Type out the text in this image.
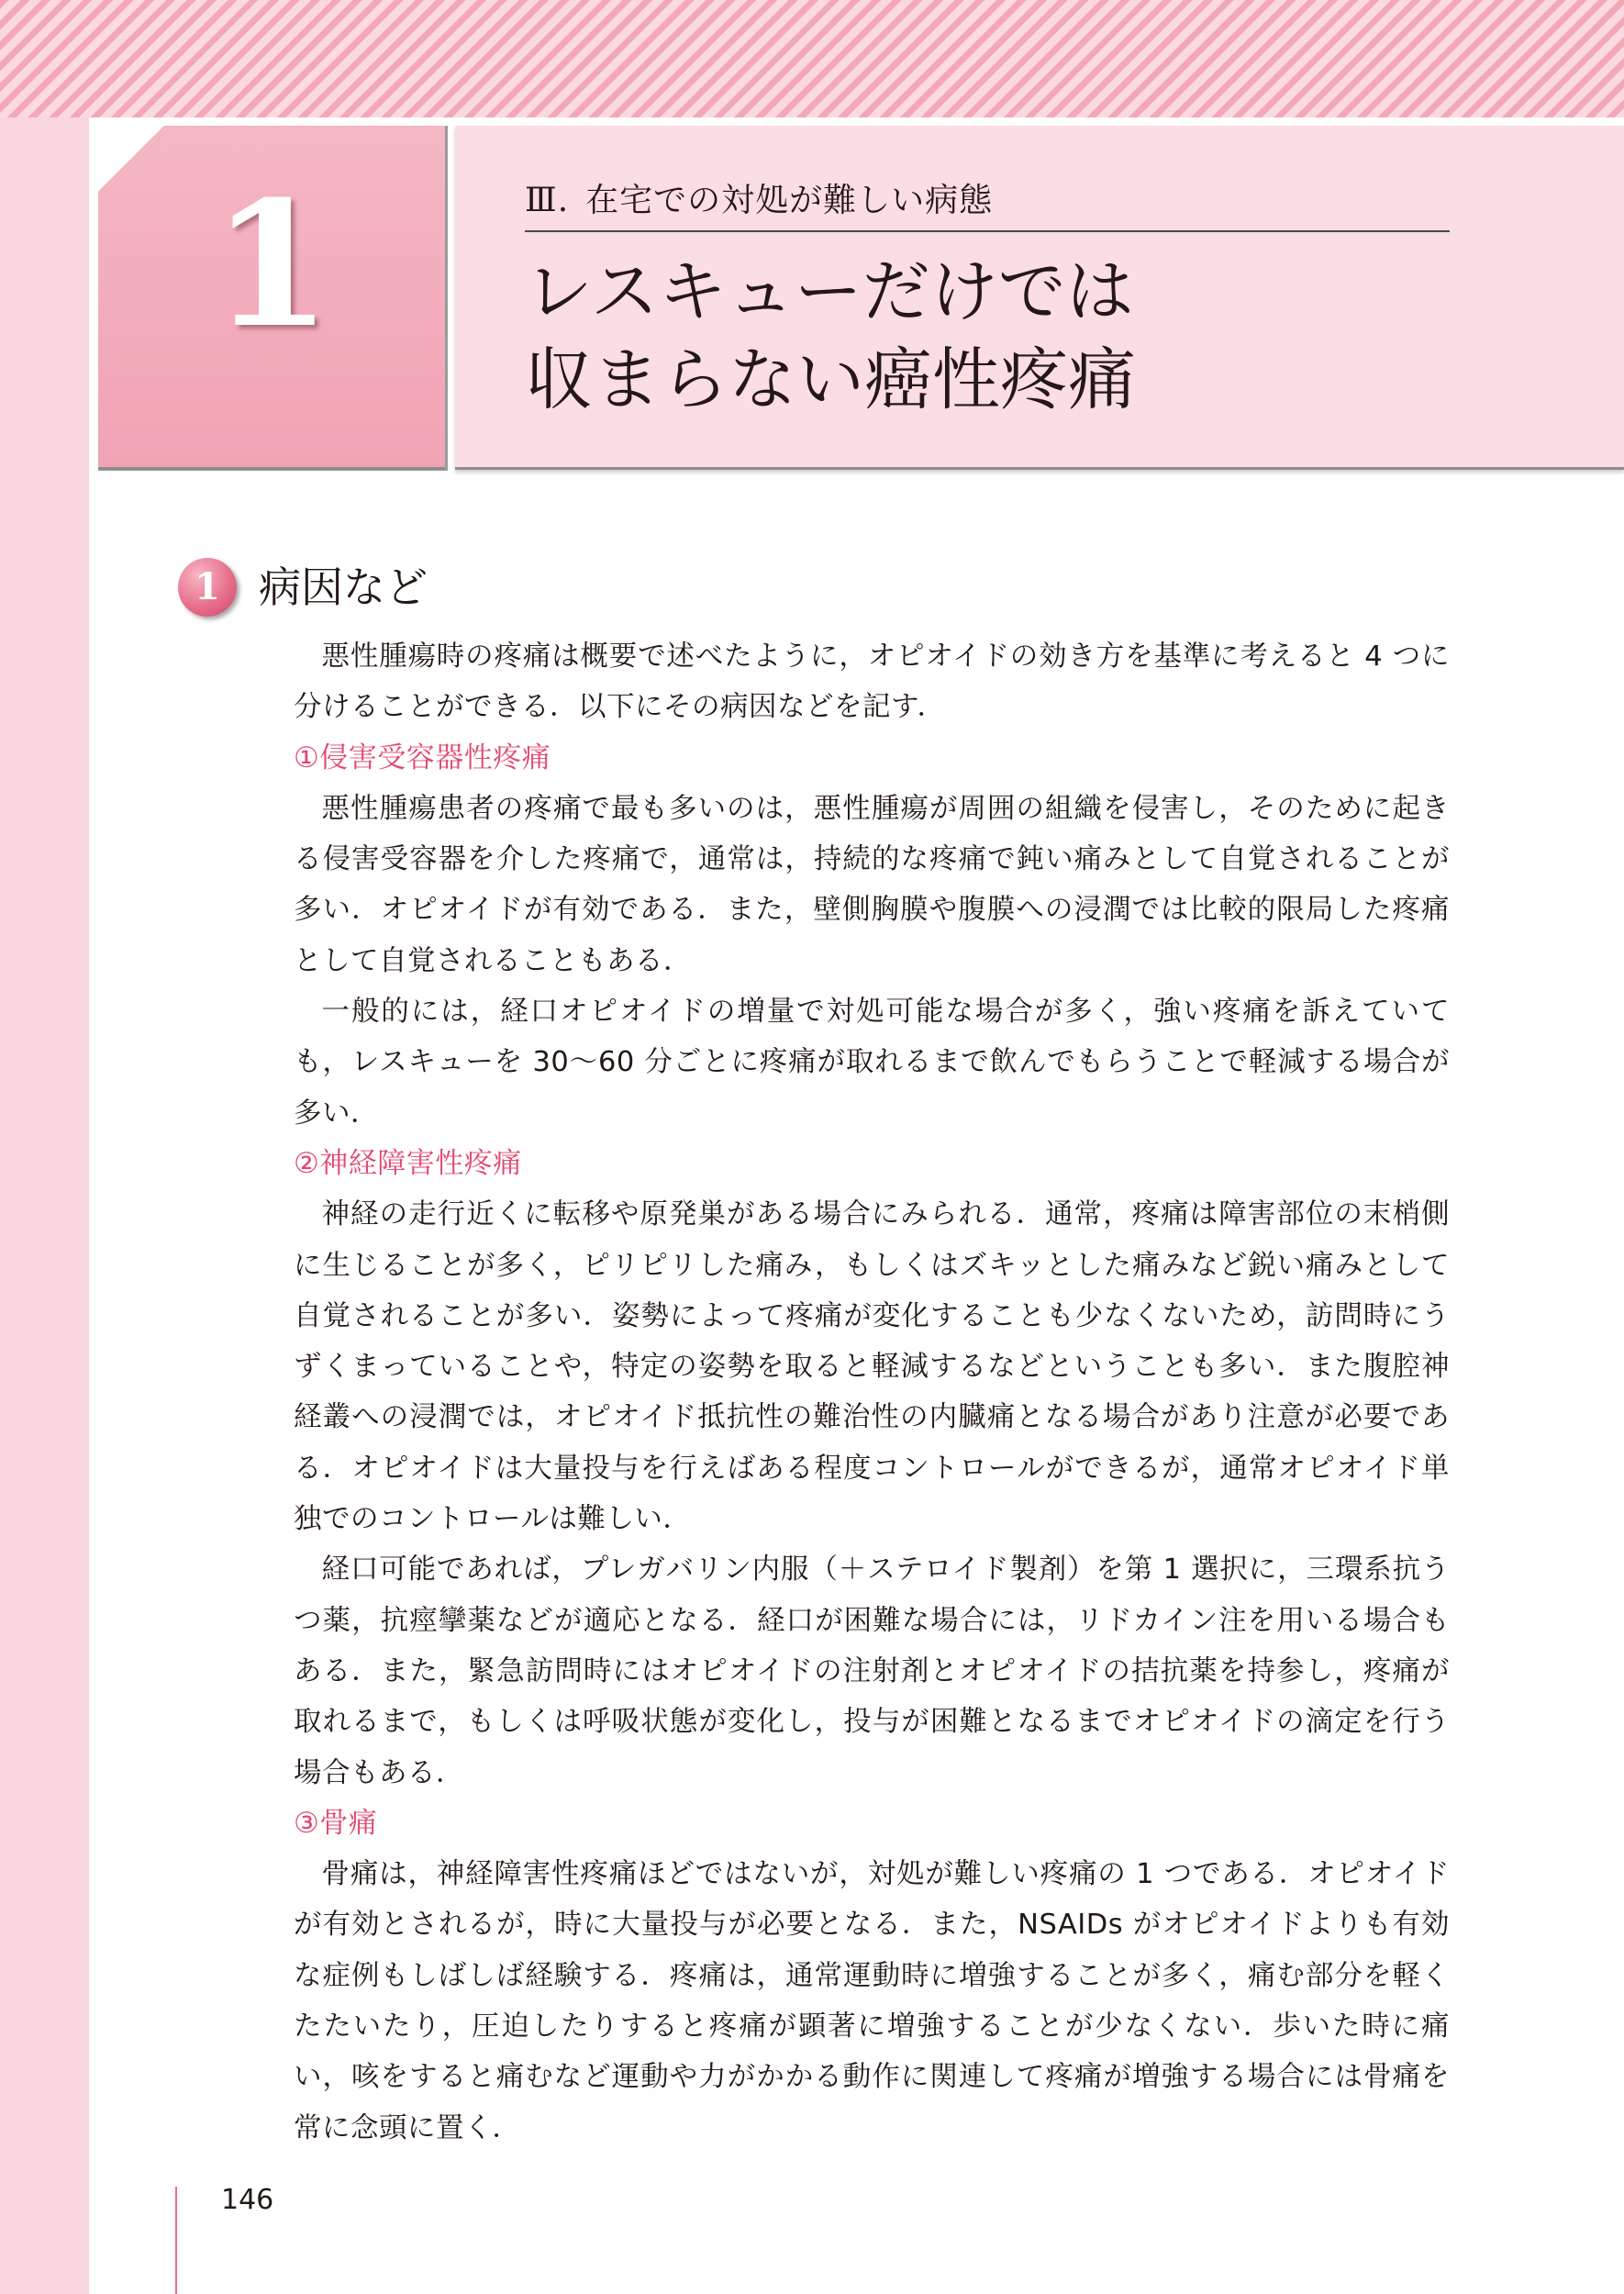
1	Ⅲ. 在宅での対処が難しい病態
レスキューだけでは
収まらない癌性疼痛
1 病因など

悪性腫瘍時の疼痛は概要で述べたように，オピオイドの効き方を基準に考えると 4 つに分けることができる．以下にその病因などを記す．

①侵害受容器性疼痛

悪性腫瘍患者の疼痛で最も多いのは，悪性腫瘍が周囲の組織を侵害し，そのために起きる侵害受容器を介した疼痛で，通常は，持続的な疼痛で鈍い痛みとして自覚されることが多い．オピオイドが有効である．また，壁側胸膜や腹膜への浸潤では比較的限局した疼痛として自覚されることもある．

一般的には，経口オピオイドの増量で対処可能な場合が多く，強い疼痛を訴えていても，レスキューを 30〜60 分ごとに疼痛が取れるまで飲んでもらうことで軽減する場合が多い．

②神経障害性疼痛

神経の走行近くに転移や原発巣がある場合にみられる．通常，疼痛は障害部位の末梢側に生じることが多く，ピリピリした痛み，もしくはズキッとした痛みなど鋭い痛みとして自覚されることが多い．姿勢によって疼痛が変化することも少なくないため，訪問時にうずくまっていることや，特定の姿勢を取ると軽減するなどということも多い．また腹腔神経叢への浸潤では，オピオイド抵抗性の難治性の内臓痛となる場合があり注意が必要である．オピオイドは大量投与を行えばある程度コントロールができるが，通常オピオイド単独でのコントロールは難しい．

経口可能であれば，プレガバリン内服（＋ステロイド製剤）を第 1 選択に，三環系抗うつ薬，抗痙攣薬などが適応となる．経口が困難な場合には，リドカイン注を用いる場合もある．また，緊急訪問時にはオピオイドの注射剤とオピオイドの拮抗薬を持参し，疼痛が取れるまで，もしくは呼吸状態が変化し，投与が困難となるまでオピオイドの滴定を行う場合もある．

③骨痛

骨痛は，神経障害性疼痛ほどではないが，対処が難しい疼痛の 1 つである．オピオイドが有効とされるが，時に大量投与が必要となる．また，NSAIDs がオピオイドよりも有効な症例もしばしば経験する．疼痛は，通常運動時に増強することが多く，痛む部分を軽くたたいたり，圧迫したりすると疼痛が顕著に増強することが少なくない．歩いた時に痛い，咳をすると痛むなど運動や力がかかる動作に関連して疼痛が増強する場合には骨痛を常に念頭に置く．

146
